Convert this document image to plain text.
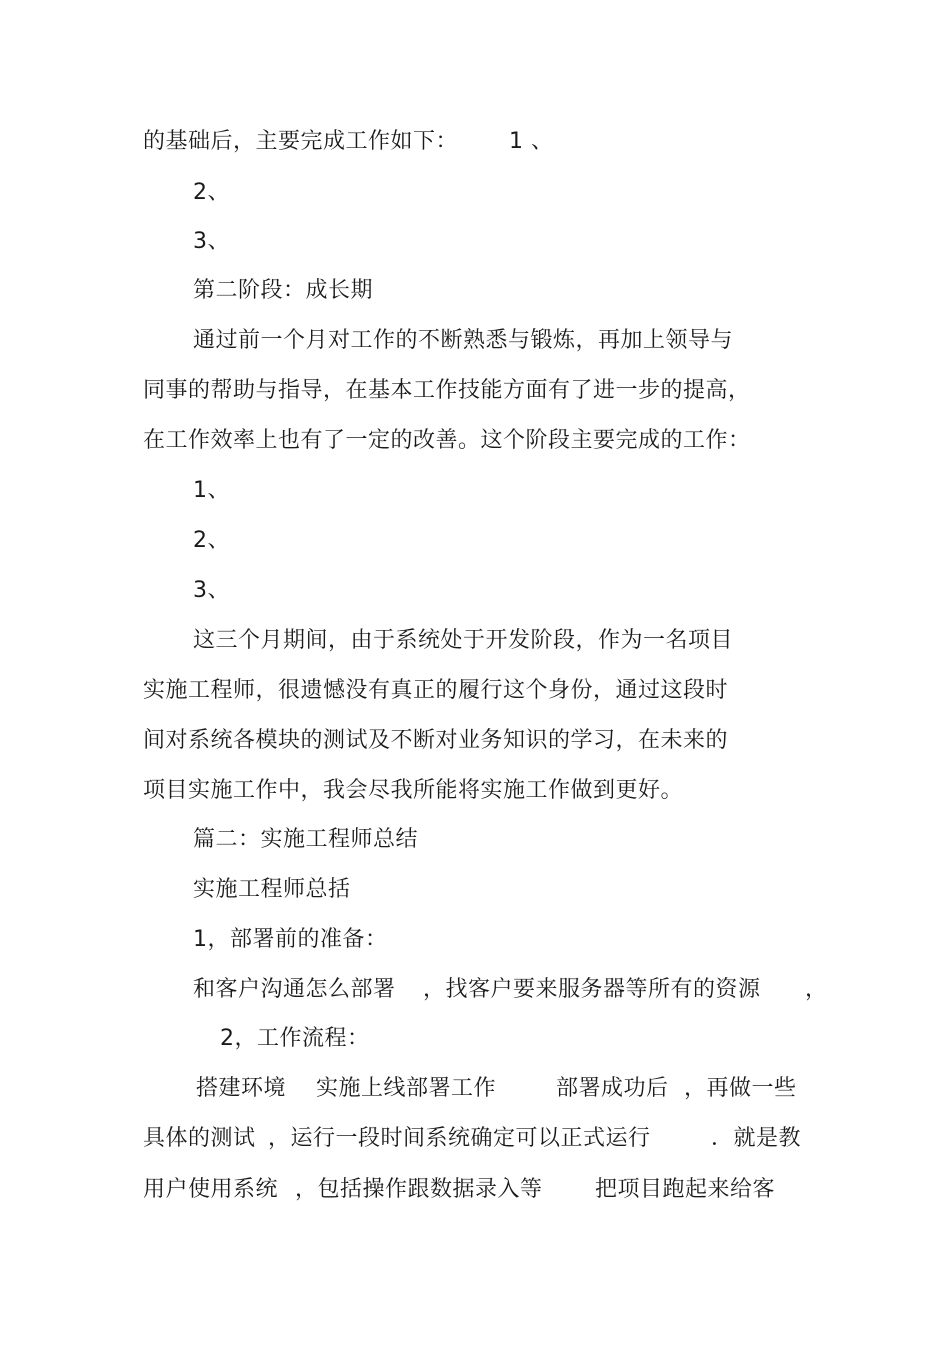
的基础后，主要完成工作如下：

1 、

2、
3、
第二阶段：成长期
通过前一个月对工作的不断熟悉与锻炼，再加上领导与
同事的帮助与指导，在基本工作技能方面有了进一步的提高，
在工作效率上也有了一定的改善。这个阶段主要完成的工作：
1、
2、
3、
这三个月期间，由于系统处于开发阶段，作为一名项目
实施工程师，很遗憾没有真正的履行这个身份，通过这段时
间对系统各模块的测试及不断对业务知识的学习，在未来的
项目实施工作中，我会尽我所能将实施工作做到更好。
篇二：实施工程师总结
实施工程师总括
1，部署前的准备：

和客户沟通怎么部署

，找客户要来服务器等所有的资源

，

2，工作流程：

搭建环境

实施上线部署工作

	部署成功后

，再做一些

具体的测试

，运行一段时间系统确定可以正式运行

	．就是教

用户使用系统

，包括操作跟数据录入等

把项目跑起来给客
